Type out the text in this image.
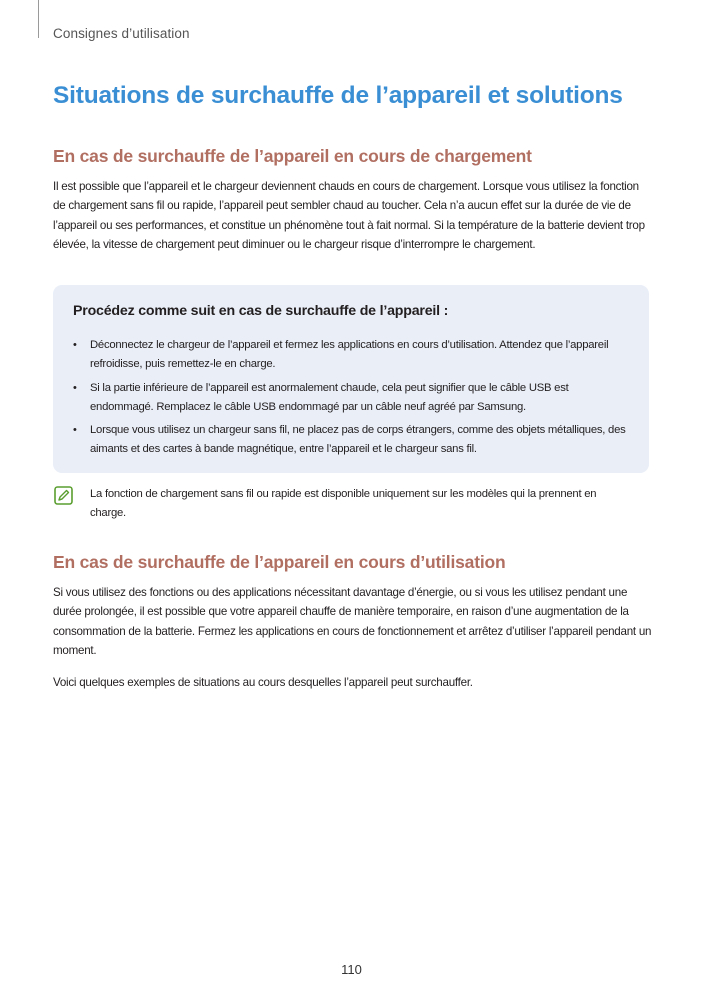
Consignes d’utilisation
Situations de surchauffe de l’appareil et solutions
En cas de surchauffe de l’appareil en cours de chargement

Il est possible que l’appareil et le chargeur deviennent chauds en cours de chargement. Lorsque vous utilisez la fonction de chargement sans fil ou rapide, l’appareil peut sembler chaud au toucher. Cela n’a aucun effet sur la durée de vie de l’appareil ou ses performances, et constitue un phénomène tout à fait normal. Si la température de la batterie devient trop élevée, la vitesse de chargement peut diminuer ou le chargeur risque d’interrompre le chargement.

Procédez comme suit en cas de surchauffe de l’appareil :
• Déconnectez le chargeur de l’appareil et fermez les applications en cours d’utilisation. Attendez que l’appareil refroidisse, puis remettez-le en charge.
• Si la partie inférieure de l’appareil est anormalement chaude, cela peut signifier que le câble USB est endommagé. Remplacez le câble USB endommagé par un câble neuf agréé par Samsung.
• Lorsque vous utilisez un chargeur sans fil, ne placez pas de corps étrangers, comme des objets métalliques, des aimants et des cartes à bande magnétique, entre l’appareil et le chargeur sans fil.

La fonction de chargement sans fil ou rapide est disponible uniquement sur les modèles qui la prennent en charge.

En cas de surchauffe de l’appareil en cours d’utilisation

Si vous utilisez des fonctions ou des applications nécessitant davantage d’énergie, ou si vous les utilisez pendant une durée prolongée, il est possible que votre appareil chauffe de manière temporaire, en raison d’une augmentation de la consommation de la batterie. Fermez les applications en cours de fonctionnement et arrêtez d’utiliser l’appareil pendant un moment.

Voici quelques exemples de situations au cours desquelles l’appareil peut surchauffer.

110
